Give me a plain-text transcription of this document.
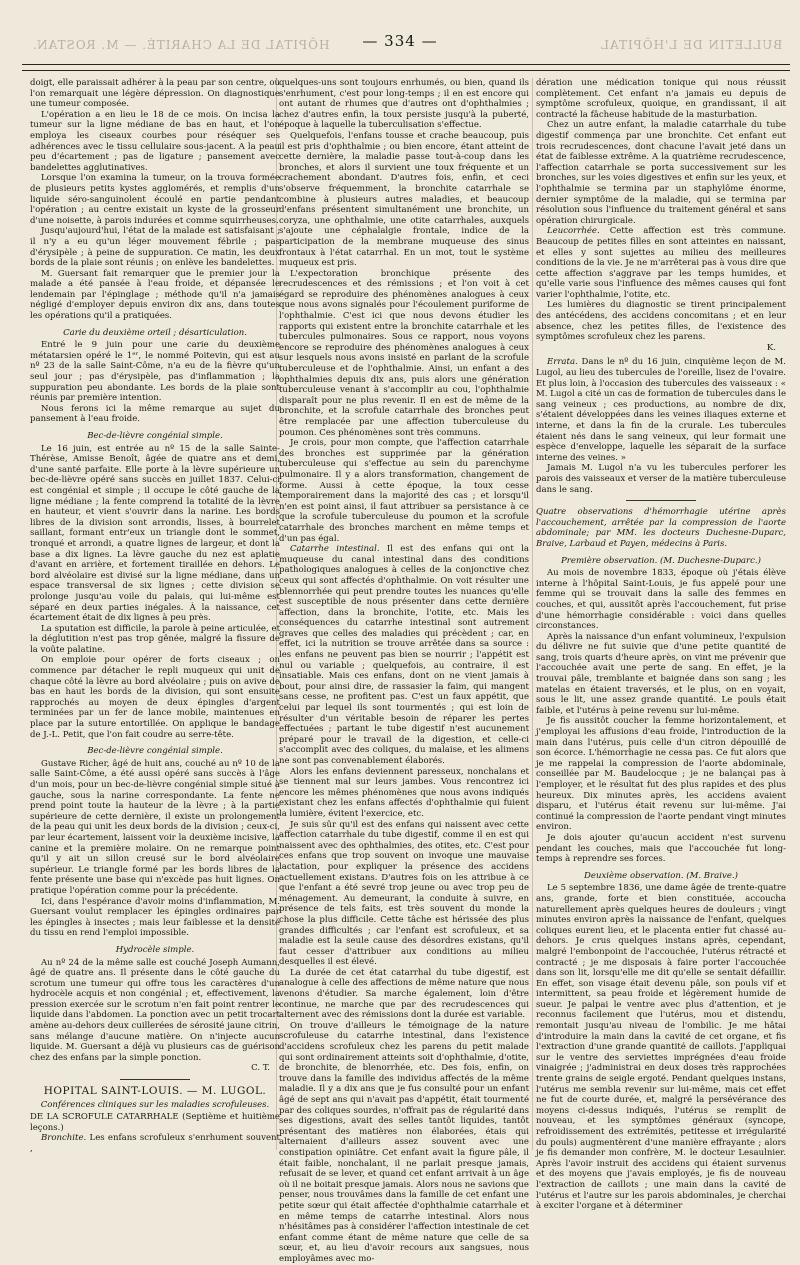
HÔPITAL DE LA CHARITÉ. — M. ROSTAN.	BULLETIN DE L'HÔPITAL
— 334 —

doigt, elle paraissait adhérer à la peau par son centre, où l'on remarquait une légère dépression. On diagnostique une tumeur composée.

L'opération a en lieu le 18 de ce mois. On incisa la tumeur sur la ligne médiane de bas en haut, et l'on employa les ciseaux courbes pour réséquer ses adhérences avec le tissu cellulaire sous-jacent. A la peau peu d'écartement ; pas de ligature ; pansement avec bandelettes agglutinatives.

Lorsque l'on examina la tumeur, on la trouva formée de plusieurs petits kystes agglomérés, et remplis d'un liquide séro-sanguinolent écoulé en partie pendant l'opération ; au centre existait un kyste de la grosseur d'une noisette, à parois indurées et comme squirrheuses.

Jusqu'aujourd'hui, l'état de la malade est satisfaisant ; il n'y a eu qu'un léger mouvement fébrile ; pas d'érysipèle ; à peine de suppuration. Ce matin, les deux bords de la plaie sont réunis ; on enlève les bandelettes.

M. Guersant fait remarquer que le premier jour la malade a été pansée à l'eau froide, et dépansée le lendemain par l'épinglage ; méthode qu'il n'a jamais négligé d'employer depuis environ dix ans, dans toutes les opérations qu'il a pratiquées.

Carie du deuxième orteil ; désarticulation.

Entré le 9 juin pour une carie du deuxième métatarsien opéré le 1ᵉʳ, le nommé Poitevin, qui est au nº 23 de la salle Saint-Côme, n'a eu de la fièvre qu'un seul jour ; pas d'érysipèle, pas d'inflammation ; la suppuration peu abondante. Les bords de la plaie sont réunis par première intention.

Nous ferons ici la même remarque au sujet du pansement à l'eau froide.

Bec-de-lièvre congénial simple.

Le 16 juin, est entrée au nº 15 de la salle Sainte-Thérèse, Amisse Benoît, âgée de quatre ans et demi, d'une santé parfaite. Elle porte à la lèvre supérieure un bec-de-lièvre opéré sans succès en juillet 1837. Celui-ci est congénial et simple ; il occupe le côté gauche de la ligne médiane ; la fente comprend la totalité de la lèvre en hauteur, et vient s'ouvrir dans la narine. Les bords libres de la division sont arrondis, lisses, à bourrelet saillant, formant entr'eux un triangle dont le sommet, tronqué et arrondi, a quatre lignes de largeur, et dont la base a dix lignes. La lèvre gauche du nez est aplatie d'avant en arrière, et fortement tiraillée en dehors. Le bord alvéolaire est divisé sur la ligne médiane, dans un espace transversal de six lignes ; cette division se prolonge jusqu'au voile du palais, qui lui-même est séparé en deux parties inégales. À la naissance, cet écartement était de dix lignes à peu près.

La sputation est difficile, la parole à peine articulée, et la déglutition n'est pas trop gênée, malgré la fissure de la voûte palatine.

On emploie pour opérer de forts ciseaux ; on commence par détacher le repli muqueux qui unit de chaque côté la lèvre au bord alvéolaire ; puis on avive de bas en haut les bords de la division, qui sont ensuite rapprochés au moyen de deux épingles d'argent terminées par un fer de lance mobile, maintenues en place par la suture entortillée. On applique le bandage de J.-L. Petit, que l'on fait coudre au serre-tête.

Bec-de-lièvre congénial simple.

Gustave Richer, âgé de huit ans, couché au nº 10 de la salle Saint-Côme, a été aussi opéré sans succès à l'âge d'un mois, pour un bec-de-lièvre congénial simple situé à gauche, sous la narine correspondante. La fente ne prend point toute la hauteur de la lèvre ; à la partie supérieure de cette dernière, il existe un prolongement de la peau qui unit les deux bords de la division ; ceux-ci, par leur écartement, laissent voir la deuxième incisive, la canine et la première molaire. On ne remarque point qu'il y ait un sillon creusé sur le bord alvéolaire supérieur. Le triangle formé par les bords libres de la fente présente une base qui n'excède pas huit lignes. On pratique l'opération comme pour la précédente.

Ici, dans l'espérance d'avoir moins d'inflammation, M. Guersant voulut remplacer les épingles ordinaires par les épingles à insectes ; mais leur faiblesse et la densité du tissu en rend l'emploi impossible.

Hydrocèle simple.

Au nº 24 de la même salle est couché Joseph Aumann, âgé de quatre ans. Il présente dans le côté gauche du scrotum une tumeur qui offre tous les caractères d'un hydrocèle acquis et non congénial ; et, effectivement, la pression exercée sur le scrotum n'en fait point rentrer le liquide dans l'abdomen. La ponction avec un petit trocart amène au-dehors deux cuillerées de sérosité jaune citrin, sans mélange d'aucune matière. On n'injecte aucun liquide. M. Guersant a déjà vu plusieurs cas de guérison chez des enfans par la simple ponction.

C. T.
HOPITAL SAINT-LOUIS. — M. LUGOL.
Conférences cliniques sur les maladies scrofuleuses.

DE LA SCROFULE CATARRHALE (Septième et huitième leçons.)

Bronchite. Les enfans scrofuleux s'enrhument souvent ,

quelques-uns sont toujours enrhumés, ou bien, quand ils s'enrhument, c'est pour long-temps ; il en est encore qui ont autant de rhumes que d'autres ont d'ophthalmies ; chez d'autres enfin, la toux persiste jusqu'à la puberté, époque à laquelle la tuberculisation s'effectue.

Quelquefois, l'enfans tousse et crache beaucoup, puis il est pris d'ophthalmie ; ou bien encore, étant atteint de cette dernière, la maladie passe tout-à-coup dans les bronches, et alors il survient une toux fréquente et un crachement abondant. D'autres fois, enfin, et ceci s'observe fréquemment, la bronchite catarrhale se combine à plusieurs autres maladies, et beaucoup d'enfans présentent simultanément une bronchite, un coryza, une ophthalmie, une otite catarrhales, auxquels s'ajoute une céphalalgie frontale, indice de la participation de la membrane muqueuse des sinus frontaux à l'état catarrhal. En un mot, tout le système muqueux est pris.

L'expectoration bronchique présente des recrudescences et des rémissions ; et l'on voit à cet égard se reproduire des phénomènes analogues à ceux que nous avons signalés pour l'écoulement puriforme de l'ophthalmie. C'est ici que nous devons étudier les rapports qui existent entre la bronchite catarrhale et les tubercules pulmonaires. Sous ce rapport, nous voyons encore se reproduire des phénomènes analogues à ceux sur lesquels nous avons insisté en parlant de la scrofule tuberculeuse et de l'ophthalmie. Ainsi, un enfant a des ophthalmies depuis dix ans, puis alors une génération tuberculeuse venant à s'accomplir au cou, l'ophthalmie disparaît pour ne plus revenir. Il en est de même de la bronchite, et la scrofule catarrhale des bronches peut être remplacée par une affection tuberculeuse du poumon. Ces phénomènes sont très communs.

Je crois, pour mon compte, que l'affection catarrhale des bronches est supprimée par la génération tuberculeuse qui s'effectue au sein du parenchyme pulmonaire. Il y a alors transformation, changement de forme. Aussi à cette époque, la toux cesse temporairement dans la majorité des cas ; et lorsqu'il n'en est point ainsi, il faut attribuer sa persistance à ce que la scrofule tuberculeuse du poumon et la scrofule catarrhale des bronches marchent en même temps et d'un pas égal.

Catarrhe intestinal. Il est des enfans qui ont la muqueuse du canal intestinal dans des conditions pathologiques analogues à celles de la conjonctive chez ceux qui sont affectés d'ophthalmie. On voit résulter une blennorrhée qui peut prendre toutes les nuances qu'elle est susceptible de nous présenter dans cette dernière affection, dans la bronchite, l'otite, etc. Mais les conséquences du catarrhe intestinal sont autrement graves que celles des maladies qui précèdent ; car, en effet, ici la nutrition se trouve arrêtée dans sa source : les enfans ne peuvent pas bien se nourrir ; l'appétit est nul ou variable ; quelquefois, au contraire, il est insatiable. Mais ces enfans, dont on ne vient jamais à bout, pour ainsi dire, de rassasier la faim, qui mangent sans cesse, ne profitent pas. C'est un faux appétit, que celui par lequel ils sont tourmentés ; qui est loin de résulter d'un véritable besoin de réparer les pertes effectuées ; partant le tube digestif n'est aucunement préparé pour le travail de la digestion, et celle-ci s'accomplit avec des coliques, du malaise, et les alimens ne sont pas convenablement élaborés.

Alors les enfans deviennent paresseux, nonchalans et se tiennent mal sur leurs jambes. Vous rencontrez ici encore les mêmes phénomènes que nous avons indiqués existant chez les enfans affectés d'ophthalmie qui fuient la lumière, évitent l'exercice, etc.

Je suis sûr qu'il est des enfans qui naissent avec cette affection catarrhale du tube digestif, comme il en est qui naissent avec des ophthalmies, des otites, etc. C'est pour ces enfans que trop souvent on invoque une mauvaise lactation, pour expliquer la présence des accidens actuellement existans. D'autres fois on les attribue à ce que l'enfant a été sevré trop jeune ou avec trop peu de ménagement. Au demeurant, la conduite à suivre, en présence de tels faits, est très souvent du monde la chose la plus difficile. Cette tâche est hérissée des plus grandes difficultés ; car l'enfant est scrofuleux, et sa maladie est la seule cause des désordres existans, qu'il faut cesser d'attribuer aux conditions au milieu desquelles il est élevé.

La durée de cet état catarrhal du tube digestif, est analogue à celle des affections de même nature que nous venons d'étudier. Sa marche également, loin d'être continue, ne marche que par des recrudescences qui alternent avec des rémissions dont la durée est variable.

On trouve d'ailleurs le témoignage de la nature scrofuleuse du catarrhe intestinal, dans l'existence d'accidens scrofuleux chez les parens du petit malade qui sont ordinairement atteints soit d'ophthalmie, d'otite, de bronchite, de blenorrhée, etc. Des fois, enfin, on trouve dans la famille des individus affectés de la même maladie. Il y a dix ans que je fus consulté pour un enfant âgé de sept ans qui n'avait pas d'appétit, était tourmenté par des coliques sourdes, n'offrait pas de régularité dans ses digestions, avait des selles tantôt liquides, tantôt présentant des matières non élaborées, étais qui alternaient d'ailleurs assez souvent avec une constipation opiniâtre. Cet enfant avait la figure pâle, il était faible, nonchalant, il ne parlait presque jamais, refusait de se lever, et quand cet enfant arrivait à un âge où il ne boitait presque jamais. Alors nous ne savions que penser, nous trouvâmes dans la famille de cet enfant une petite sœur qui était affectée d'ophthalmie catarrhale et en même temps de catarrhe intestinal. Alors nous n'hésitâmes pas à considérer l'affection intestinale de cet enfant comme étant de même nature que celle de sa sœur, et, au lieu d'avoir recours aux sangsues, nous employâmes avec mo-

dération une médication tonique qui nous réussit complètement. Cet enfant n'a jamais eu depuis de symptôme scrofuleux, quoique, en grandissant, il ait contracté la fâcheuse habitude de la masturbation.

Chez un autre enfant, la maladie catarrhale du tube digestif commença par une bronchite. Cet enfant eut trois recrudescences, dont chacune l'avait jeté dans un état de faiblesse extrême. A la quatrième recrudescence, l'affection catarrhale se porta successivement sur les bronches, sur les voies digestives et enfin sur les yeux, et l'ophthalmie se termina par un staphylôme énorme, dernier symptôme de la maladie, qui se termina par résolution sous l'influence du traitement général et sans opération chirurgicale.

Leucorrhée. Cette affection est très commune. Beaucoup de petites filles en sont atteintes en naissant, et elles y sont sujettes au milieu des meilleures conditions de la vie. Je ne m'arrêterai pas à vous dire que cette affection s'aggrave par les temps humides, et qu'elle varie sous l'influence des mêmes causes qui font varier l'ophthalmie, l'otite, etc.

Les lumières du diagnostic se tirent principalement des antécédens, des accidens concomitans ; et en leur absence, chez les petites filles, de l'existence des symptômes scrofuleux chez les parens.

K.

Errata. Dans le nº du 16 juin, cinquième leçon de M. Lugol, au lieu des tubercules de l'oreille, lisez de l'ovaire. Et plus loin, à l'occasion des tubercules des vaisseaux : « M. Lugol a cité un cas de formation de tubercules dans le sang veineux ; ces productions, au nombre de dix, s'étaient développées dans les veines iliaques externe et interne, et dans la fin de la crurale. Les tubercules étaient nés dans le sang veineux, qui leur formait une espèce d'enveloppe, laquelle les séparait de la surface interne des veines. »

Jamais M. Lugol n'a vu les tubercules perforer les parois des vaisseaux et verser de la matière tuberculeuse dans le sang.

Quatre observations d'hémorrhagie utérine après l'accouchement, arrêtée par la compression de l'aorte abdominale; par MM. les docteurs Duchesne-Duparc, Braive, Larbaud et Payen, médecins à Paris.

Première observation. (M. Duchesne-Duparc.)

Au mois de novembre 1833, époque où j'étais élève interne à l'hôpital Saint-Louis, je fus appelé pour une femme qui se trouvait dans la salle des femmes en couches, et qui, aussitôt après l'accouchement, fut prise d'une hémorrhagie considérable : voici dans quelles circonstances.

Après la naissance d'un enfant volumineux, l'expulsion du délivre ne fut suivie que d'une petite quantité de sang, trois quarts d'heure après, on vint me prévenir que l'accouchée avait une perte de sang. En effet, je la trouvai pâle, tremblante et baignée dans son sang ; les matelas en étaient traversés, et le plus, on en voyait, sous le lit, une assez grande quantité. Le pouls était faible, et l'utérus à peine revenu sur lui-même.

Je fis aussitôt coucher la femme horizontalement, et j'employai les affusions d'eau froide, l'introduction de la main dans l'utérus, puis celle d'un citron dépouillé de son écorce. L'hémorrhagie ne cessa pas. Ce fut alors que je me rappelai la compression de l'aorte abdominale, conseillée par M. Baudelocque ; je ne balançai pas à l'employer, et le résultat fut des plus rapides et des plus heureux. Dix minutes après, les accidens avaient disparu, et l'utérus était revenu sur lui-même. J'ai continué la compression de l'aorte pendant vingt minutes environ.

Je dois ajouter qu'aucun accident n'est survenu pendant les couches, mais que l'accouchée fut long-temps à reprendre ses forces.

Deuxième observation. (M. Braive.)

Le 5 septembre 1836, une dame âgée de trente-quatre ans, grande, forte et bien constituée, accoucha naturellement après quelques heures de douleurs ; vingt minutes environ après la naissance de l'enfant, quelques coliques eurent lieu, et le placenta entier fut chassé au-dehors. Je crus quelques instans après, cependant, malgré l'embonpoint de l'accouchée, l'utérus rétracté et contracté ; je me disposais à faire porter l'accouchée dans son lit, lorsqu'elle me dit qu'elle se sentait défaillir. En effet, son visage était devenu pâle, son pouls vif et intermittent, sa peau froide et légèrement humide de sueur. Je palpai le ventre avec plus d'attention, et je reconnus facilement que l'utérus, mou et distendu, remontait jusqu'au niveau de l'ombilic. Je me hâtai d'introduire la main dans la cavité de cet organe, et fis l'extraction d'une grande quantité de caillots. J'appliquai sur le ventre des serviettes imprégnées d'eau froide vinaigrée ; j'administrai en deux doses très rapprochées trente grains de seigle ergoté. Pendant quelques instans, l'utérus me sembla revenir sur lui-même, mais cet effet ne fut de courte durée, et, malgré la persévérance des moyens ci-dessus indiqués, l'utérus se remplit de nouveau, et les symptômes généraux (syncope, refroidissement des extrémités, petitesse et irrégularité du pouls) augmentèrent d'une manière effrayante ; alors je fis demander mon confrère, M. le docteur Lesaulnier. Après l'avoir instruit des accidens qui étaient survenus et des moyens que j'avais employés, je fis de nouveau l'extraction de caillots ; une main dans la cavité de l'utérus et l'autre sur les parois abdominales, je cherchai à exciter l'organe et à déterminer
